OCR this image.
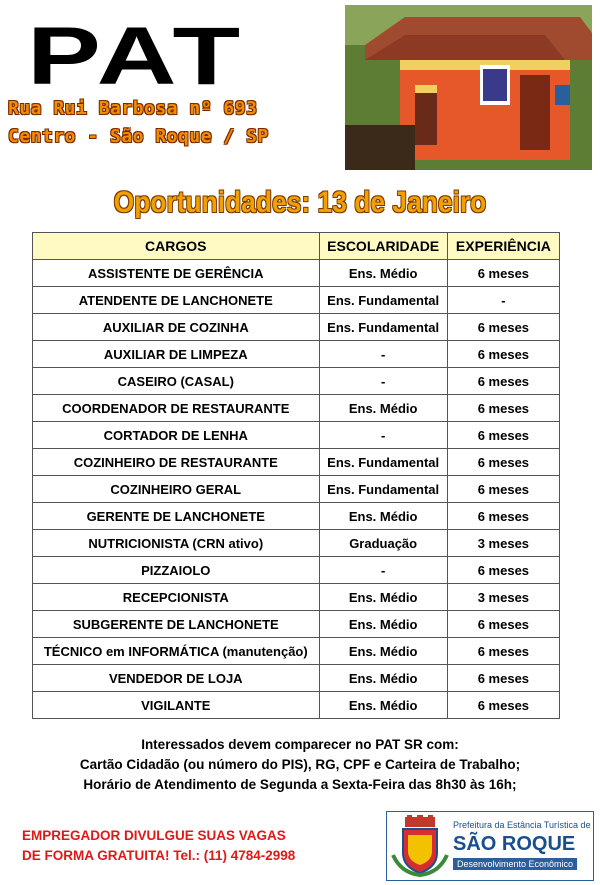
PAT
Rua Rui Barbosa nº 693
Centro - São Roque / SP
Oportunidades: 13 de Janeiro
CARGOS	ESCOLARIDADE	EXPERIÊNCIA
ASSISTENTE DE GERÊNCIA	Ens. Médio	6 meses
ATENDENTE DE LANCHONETE	Ens. Fundamental	-
AUXILIAR DE COZINHA	Ens. Fundamental	6 meses
AUXILIAR DE LIMPEZA	-	6 meses
CASEIRO (CASAL)	-	6 meses
COORDENADOR DE RESTAURANTE	Ens. Médio	6 meses
CORTADOR DE LENHA	-	6 meses
COZINHEIRO DE RESTAURANTE	Ens. Fundamental	6 meses
COZINHEIRO GERAL	Ens. Fundamental	6 meses
GERENTE DE LANCHONETE	Ens. Médio	6 meses
NUTRICIONISTA (CRN ativo)	Graduação	3 meses
PIZZAIOLO	-	6 meses
RECEPCIONISTA	Ens. Médio	3 meses
SUBGERENTE DE LANCHONETE	Ens. Médio	6 meses
TÉCNICO em INFORMÁTICA (manutenção)	Ens. Médio	6 meses
VENDEDOR DE LOJA	Ens. Médio	6 meses
VIGILANTE	Ens. Médio	6 meses
Interessados devem comparecer no PAT SR com:
Cartão Cidadão (ou número do PIS), RG, CPF e Carteira de Trabalho;
Horário de Atendimento de Segunda a Sexta-Feira das 8h30 às 16h;
EMPREGADOR DIVULGUE SUAS VAGAS
DE FORMA GRATUITA! Tel.: (11) 4784-2998
Prefeitura da Estância Turística de
SÃO ROQUE
Desenvolvimento Econômico
